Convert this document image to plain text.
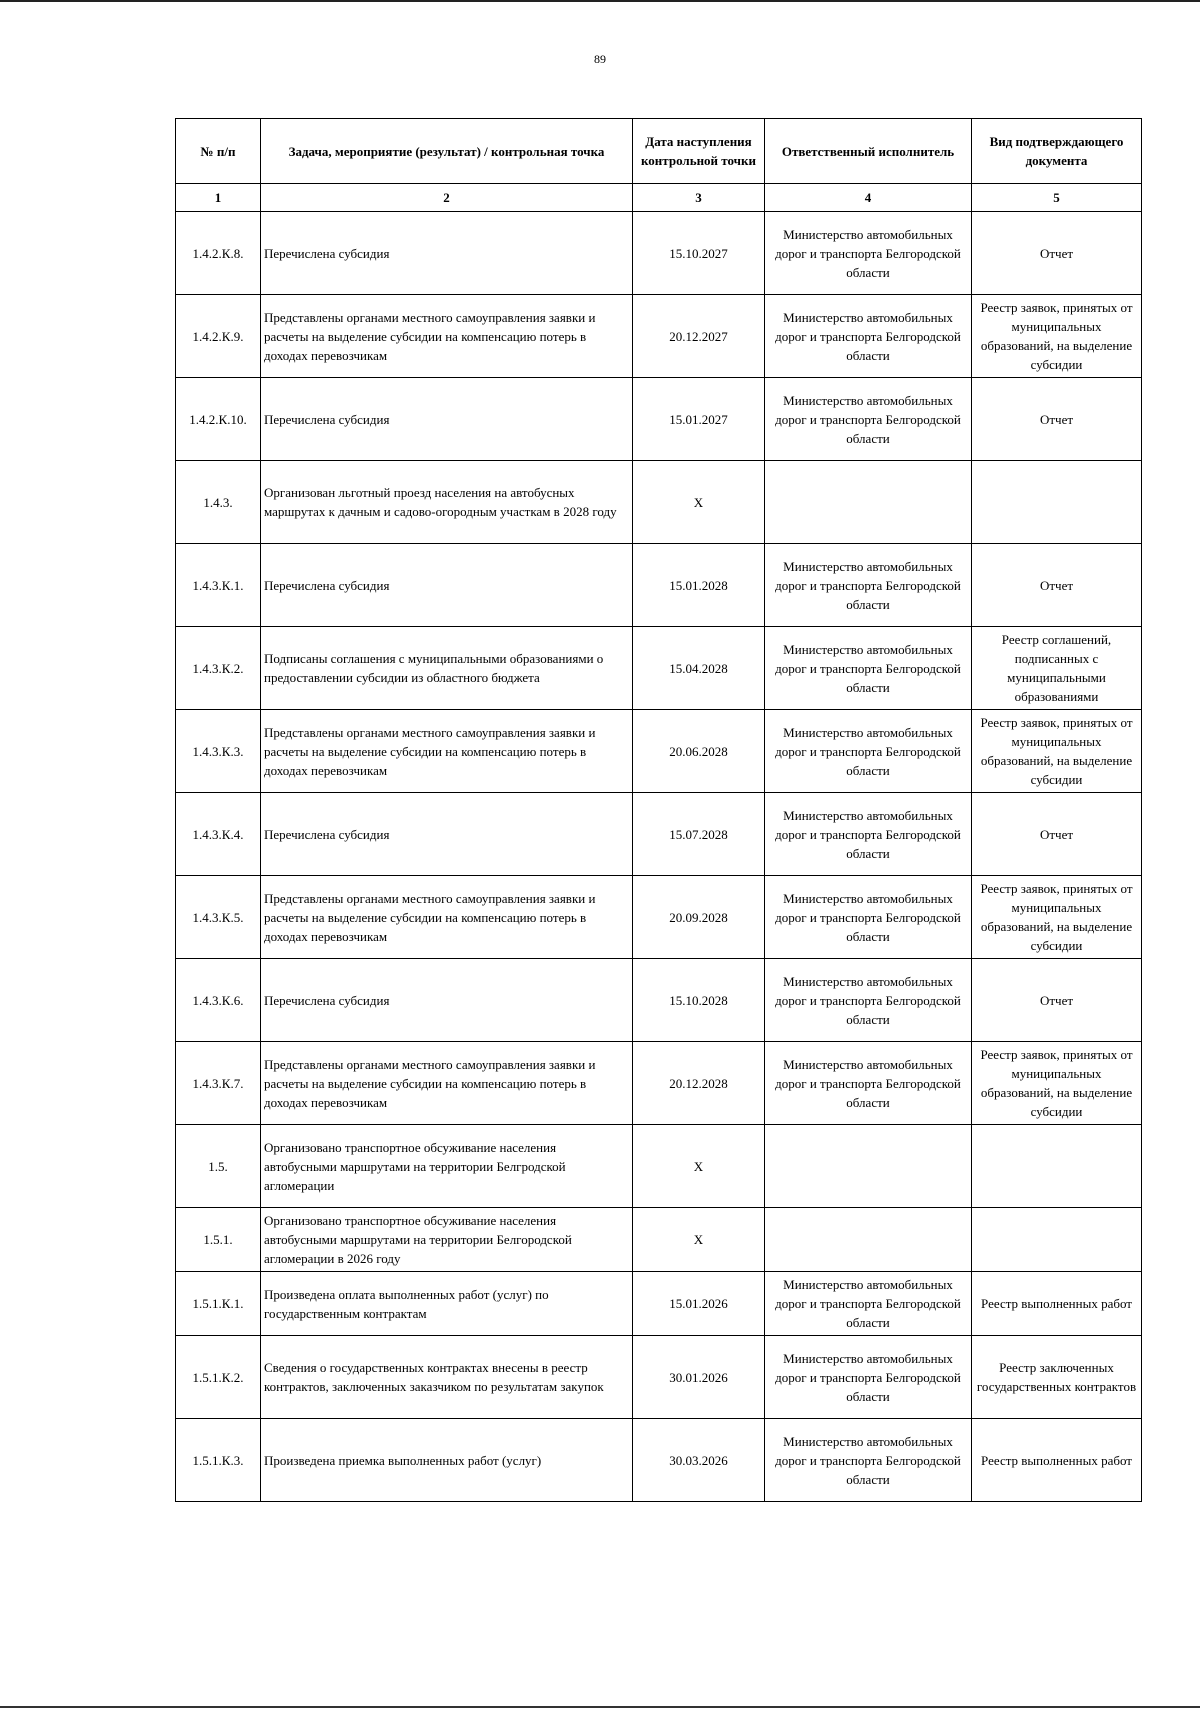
89
№ п/п	Задача, мероприятие (результат) / контрольная точка	Дата наступления контрольной точки	Ответственный исполнитель	Вид подтверждающего документа
1	2	3	4	5
1.4.2.К.8.	Перечислена субсидия	15.10.2027	Министерство автомобильных дорог и транспорта Белгородской области	Отчет
1.4.2.К.9.	Представлены органами местного самоуправления заявки и расчеты на выделение субсидии на компенсацию потерь в доходах перевозчикам	20.12.2027	Министерство автомобильных дорог и транспорта Белгородской области	Реестр заявок, принятых от муниципальных образований, на выделение субсидии
1.4.2.К.10.	Перечислена субсидия	15.01.2027	Министерство автомобильных дорог и транспорта Белгородской области	Отчет
1.4.3.	Организован льготный проезд населения на автобусных маршрутах к дачным и садово-огородным участкам в 2028 году	X		
1.4.3.К.1.	Перечислена субсидия	15.01.2028	Министерство автомобильных дорог и транспорта Белгородской области	Отчет
1.4.3.К.2.	Подписаны соглашения с муниципальными образованиями о предоставлении субсидии из областного бюджета	15.04.2028	Министерство автомобильных дорог и транспорта Белгородской области	Реестр соглашений, подписанных с муниципальными образованиями
1.4.3.К.3.	Представлены органами местного самоуправления заявки и расчеты на выделение субсидии на компенсацию потерь в доходах перевозчикам	20.06.2028	Министерство автомобильных дорог и транспорта Белгородской области	Реестр заявок, принятых от муниципальных образований, на выделение субсидии
1.4.3.К.4.	Перечислена субсидия	15.07.2028	Министерство автомобильных дорог и транспорта Белгородской области	Отчет
1.4.3.К.5.	Представлены органами местного самоуправления заявки и расчеты на выделение субсидии на компенсацию потерь в доходах перевозчикам	20.09.2028	Министерство автомобильных дорог и транспорта Белгородской области	Реестр заявок, принятых от муниципальных образований, на выделение субсидии
1.4.3.К.6.	Перечислена субсидия	15.10.2028	Министерство автомобильных дорог и транспорта Белгородской области	Отчет
1.4.3.К.7.	Представлены органами местного самоуправления заявки и расчеты на выделение субсидии на компенсацию потерь в доходах перевозчикам	20.12.2028	Министерство автомобильных дорог и транспорта Белгородской области	Реестр заявок, принятых от муниципальных образований, на выделение субсидии
1.5.	Организовано транспортное обсуживание населения автобусными маршрутами на территории Белгродской агломерации	X		
1.5.1.	Организовано транспортное обсуживание населения автобусными маршрутами на территории Белгородской агломерации в 2026 году	X		
1.5.1.К.1.	Произведена оплата выполненных работ (услуг) по государственным контрактам	15.01.2026	Министерство автомобильных дорог и транспорта Белгородской области	Реестр выполненных работ
1.5.1.К.2.	Сведения о государственных контрактах внесены в реестр контрактов, заключенных заказчиком по результатам закупок	30.01.2026	Министерство автомобильных дорог и транспорта Белгородской области	Реестр заключенных государственных контрактов
1.5.1.К.3.	Произведена приемка выполненных работ (услуг)	30.03.2026	Министерство автомобильных дорог и транспорта Белгородской области	Реестр выполненных работ
